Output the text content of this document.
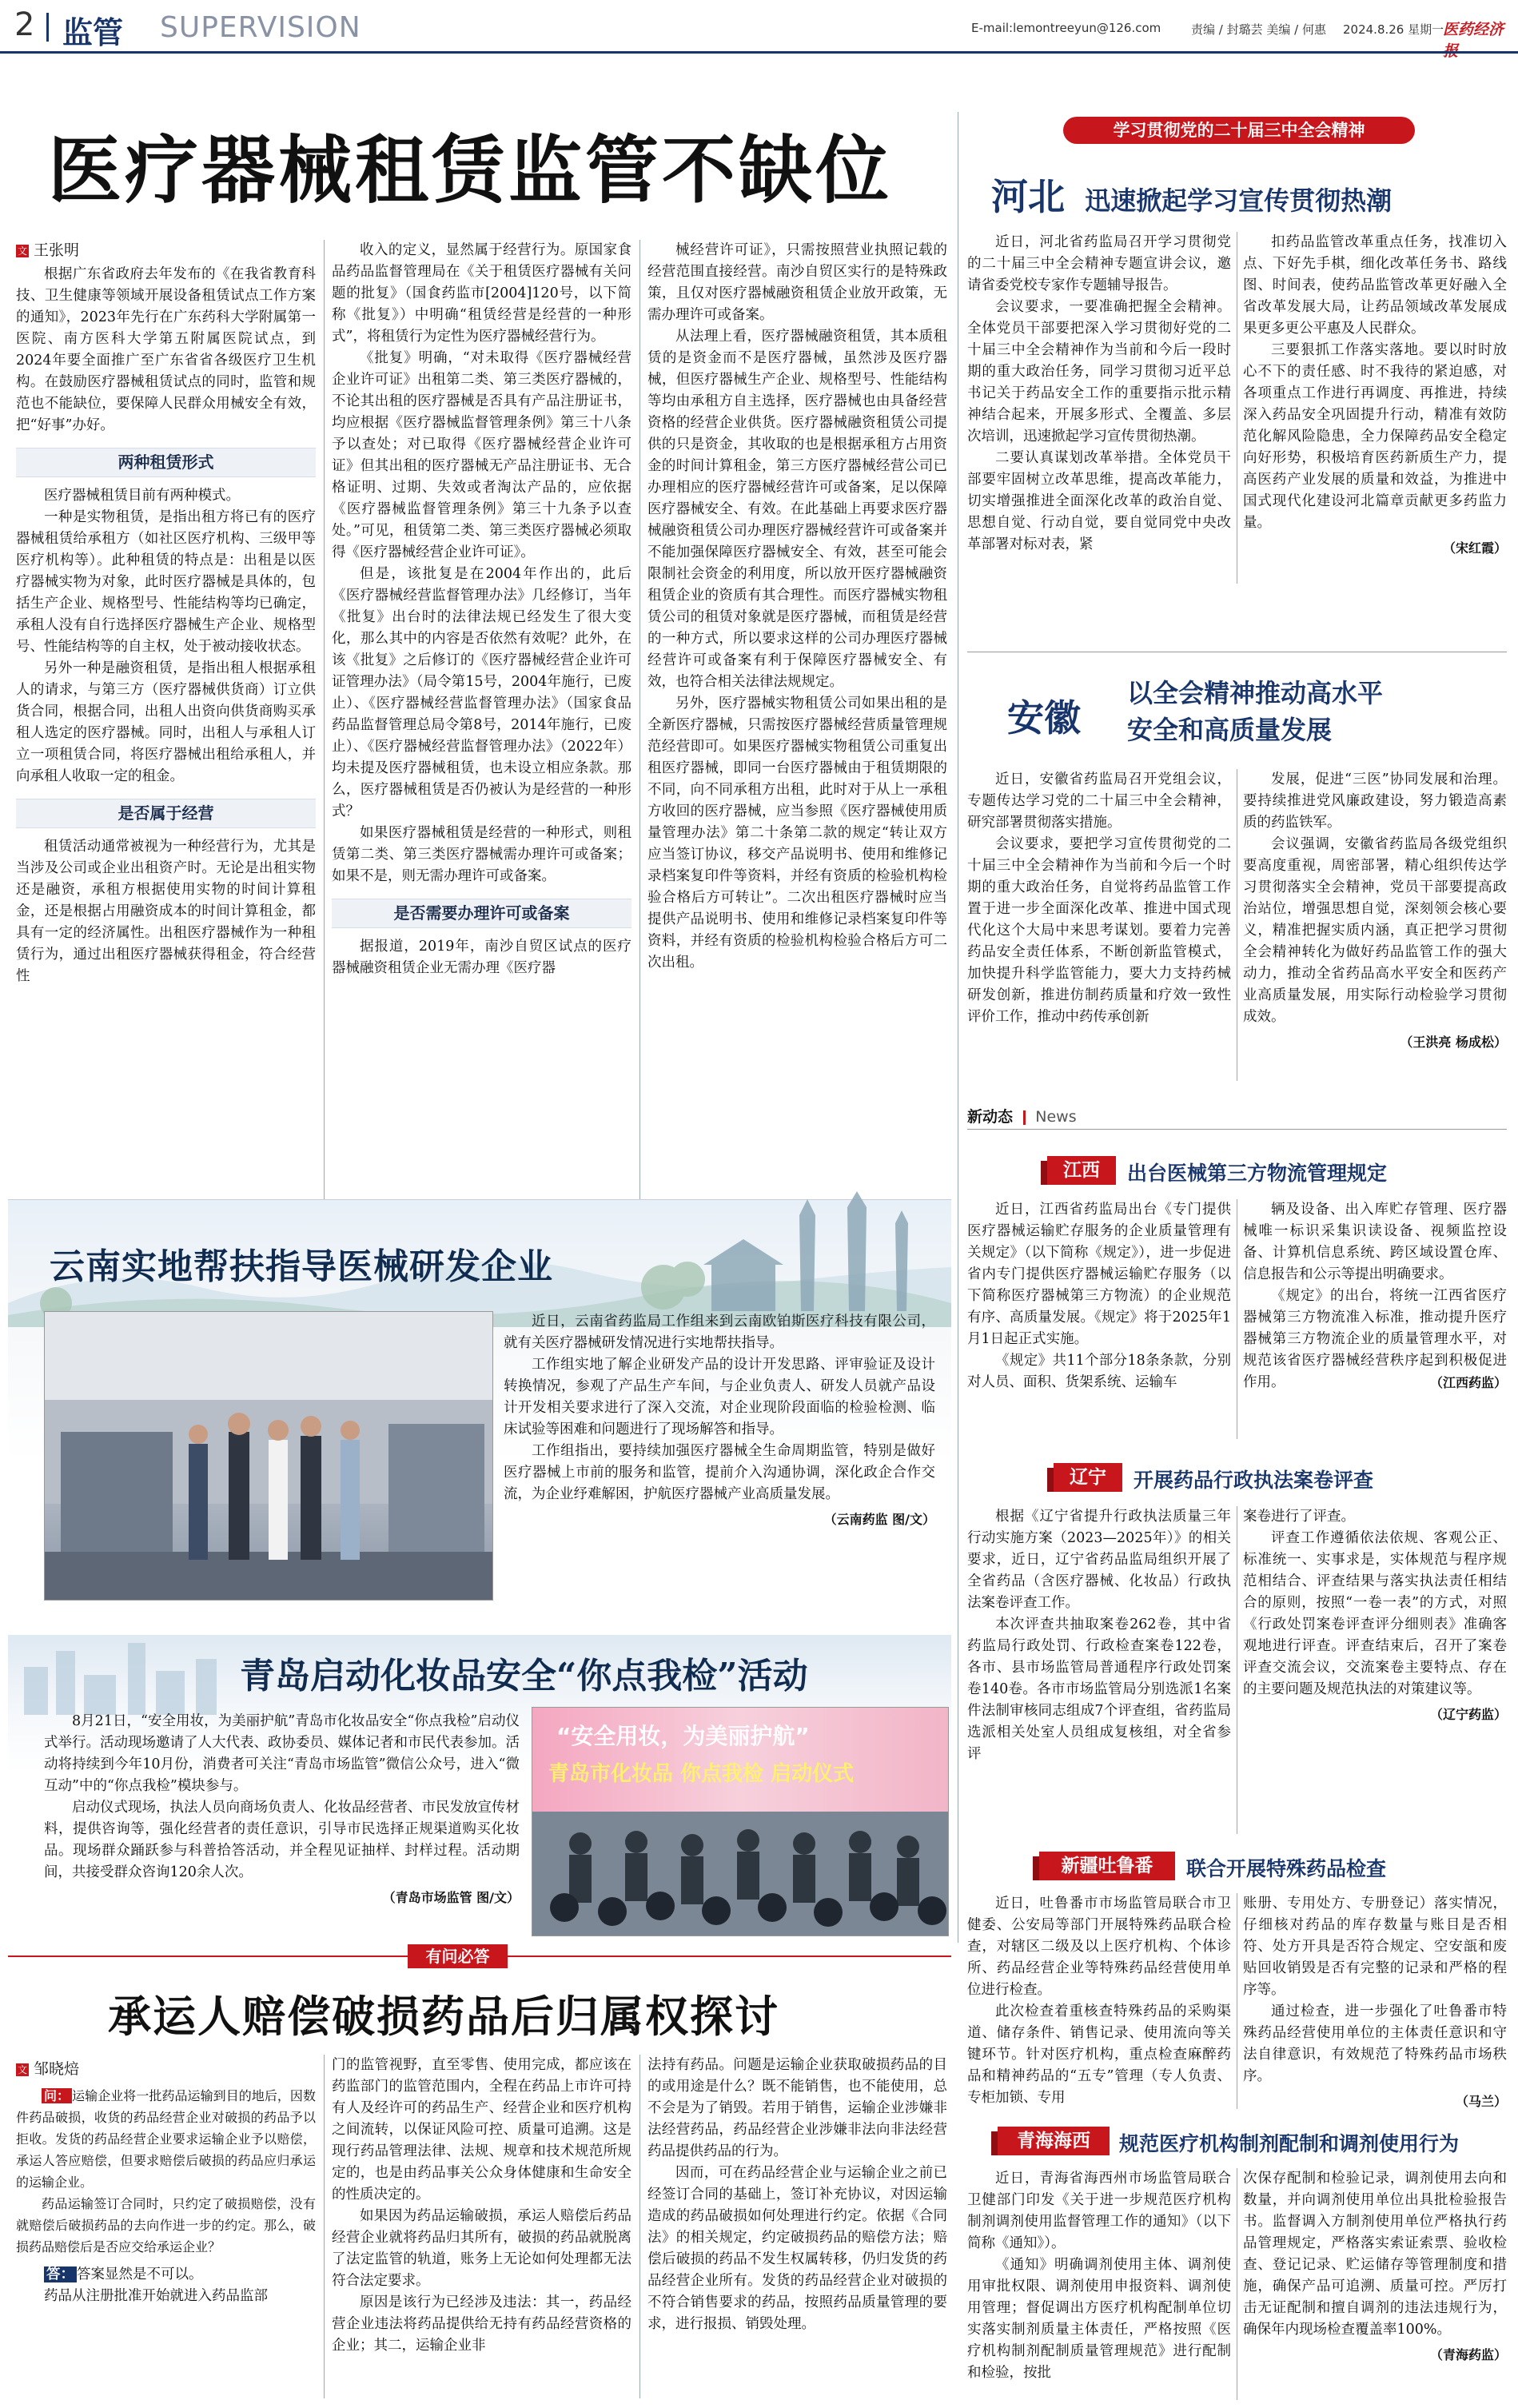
2 监管 SUPERVISION	E-mail:lemontreeyun@126.com	责编 / 封璐芸 美编 / 何惠 2024.8.26 星期一
医药经济
医疗器械租赁监管不缺位
文 王张明

根据广东省政府去年发布的《在我省教育科技、卫生健康等领域开展设备租赁试点工作方案的通知》，2023年先行在广东药科大学附属第一医院、南方医科大学第五附属医院试点，到2024年要全面推广至广东省省各级医疗卫生机构。在鼓励医疗器械租赁试点的同时，监管和规范也不能缺位，要保障人民群众用械安全有效，把“好事”办好。

两种租赁形式

医疗器械租赁目前有两种模式。

一种是实物租赁，是指出租方将已有的医疗器械租赁给承租方（如社区医疗机构、三级甲等医疗机构等）。此种租赁的特点是：出租是以医疗器械实物为对象，此时医疗器械是具体的，包括生产企业、规格型号、性能结构等均已确定，承租人没有自行选择医疗器械生产企业、规格型号、性能结构等的自主权，处于被动接收状态。

另外一种是融资租赁，是指出租人根据承租人的请求，与第三方（医疗器械供货商）订立供货合同，根据合同，出租人出资向供货商购买承租人选定的医疗器械。同时，出租人与承租人订立一项租赁合同，将医疗器械出租给承租人，并向承租人收取一定的租金。

是否属于经营

租赁活动通常被视为一种经营行为，尤其是当涉及公司或企业出租资产时。无论是出租实物还是融资，承租方根据使用实物的时间计算租金，还是根据占用融资成本的时间计算租金，都具有一定的经济属性。出租医疗器械作为一种租赁行为，通过出租医疗器械获得租金，符合经营性

收入的定义，显然属于经营行为。原国家食品药品监督管理局在《关于租赁医疗器械有关问题的批复》（国食药监市[2004]120号，以下简称《批复》）中明确“租赁经营是经营的一种形式”，将租赁行为定性为医疗器械经营行为。

《批复》明确，“对未取得《医疗器械经营企业许可证》出租第二类、第三类医疗器械的，不论其出租的医疗器械是否具有产品注册证书，均应根据《医疗器械监督管理条例》第三十八条予以查处；对已取得《医疗器械经营企业许可证》但其出租的医疗器械无产品注册证书、无合格证明、过期、失效或者淘汰产品的，应依据《医疗器械监督管理条例》第三十九条予以查处。”可见，租赁第二类、第三类医疗器械必须取得《医疗器械经营企业许可证》。

但是，该批复是在2004年作出的，此后《医疗器械经营监督管理办法》几经修订，当年《批复》出台时的法律法规已经发生了很大变化，那么其中的内容是否依然有效呢？此外，在该《批复》之后修订的《医疗器械经营企业许可证管理办法》（局令第15号，2004年施行，已废止）、《医疗器械经营监督管理办法》（国家食品药品监督管理总局令第8号，2014年施行，已废止）、《医疗器械经营监督管理办法》（2022年）均未提及医疗器械租赁，也未设立相应条款。那么，医疗器械租赁是否仍被认为是经营的一种形式？

如果医疗器械租赁是经营的一种形式，则租赁第二类、第三类医疗器械需办理许可或备案；如果不是，则无需办理许可或备案。

是否需要办理许可或备案

据报道，2019年，南沙自贸区试点的医疗器械融资租赁企业无需办理《医疗器

械经营许可证》，只需按照营业执照记载的经营范围直接经营。南沙自贸区实行的是特殊政策，且仅对医疗器械融资租赁企业放开政策，无需办理许可或备案。

从法理上看，医疗器械融资租赁，其本质租赁的是资金而不是医疗器械，虽然涉及医疗器械，但医疗器械生产企业、规格型号、性能结构等均由承租方自主选择，医疗器械也由具备经营资格的经营企业供货。医疗器械融资租赁公司提供的只是资金，其收取的也是根据承租方占用资金的时间计算租金，第三方医疗器械经营公司已办理相应的医疗器械经营许可或备案，足以保障医疗器械安全、有效。在此基础上再要求医疗器械融资租赁公司办理医疗器械经营许可或备案并不能加强保障医疗器械安全、有效，甚至可能会限制社会资金的利用度，所以放开医疗器械融资租赁企业的资质有其合理性。而医疗器械实物租赁公司的租赁对象就是医疗器械，而租赁是经营的一种方式，所以要求这样的公司办理医疗器械经营许可或备案有利于保障医疗器械安全、有效，也符合相关法律法规规定。

另外，医疗器械实物租赁公司如果出租的是全新医疗器械，只需按医疗器械经营质量管理规范经营即可。如果医疗器械实物租赁公司重复出租医疗器械，即同一台医疗器械由于租赁期限的不同，向不同承租方出租，此时对于从上一承租方收回的医疗器械，应当参照《医疗器械使用质量管理办法》第二十条第二款的规定“转让双方应当签订协议，移交产品说明书、使用和维修记录档案复印件等资料，并经有资质的检验机构检验合格后方可转让”。二次出租医疗器械时应当提供产品说明书、使用和维修记录档案复印件等资料，并经有资质的检验机构检验合格后方可二次出租。

学习贯彻党的二十届三中全会精神
河北 迅速掀起学习宣传贯彻热潮

近日，河北省药监局召开学习贯彻党的二十届三中全会精神专题宣讲会议，邀请省委党校专家作专题辅导报告。

会议要求，一要准确把握全会精神。全体党员干部要把深入学习贯彻好党的二十届三中全会精神作为当前和今后一段时期的重大政治任务，同学习贯彻习近平总书记关于药品安全工作的重要指示批示精神结合起来，开展多形式、全覆盖、多层次培训，迅速掀起学习宣传贯彻热潮。

二要认真谋划改革举措。全体党员干部要牢固树立改革思维，提高改革能力，切实增强推进全面深化改革的政治自觉、思想自觉、行动自觉，要自觉同党中央改革部署对标对表，紧

扣药品监管改革重点任务，找准切入点、下好先手棋，细化改革任务书、路线图、时间表，使药品监管改革更好融入全省改革发展大局，让药品领域改革发展成果更多更公平惠及人民群众。

三要狠抓工作落实落地。要以时时放心不下的责任感、时不我待的紧迫感，对各项重点工作进行再调度、再推进，持续深入药品安全巩固提升行动，精准有效防范化解风险隐患，全力保障药品安全稳定向好形势，积极培育医药新质生产力，提高医药产业发展的质量和效益，为推进中国式现代化建设河北篇章贡献更多药监力量。

（宋红霞）
安徽
以全会精神推动高水平
安全和高质量发展

近日，安徽省药监局召开党组会议，专题传达学习党的二十届三中全会精神，研究部署贯彻落实措施。

会议要求，要把学习宣传贯彻党的二十届三中全会精神作为当前和今后一个时期的重大政治任务，自觉将药品监管工作置于进一步全面深化改革、推进中国式现代化这个大局中来思考谋划。要着力完善药品安全责任体系，不断创新监管模式，加快提升科学监管能力，要大力支持药械研发创新，推进仿制药质量和疗效一致性评价工作，推动中药传承创新

发展，促进“三医”协同发展和治理。要持续推进党风廉政建设，努力锻造高素质的药监铁军。

会议强调，安徽省药监局各级党组织要高度重视，周密部署，精心组织传达学习贯彻落实全会精神，党员干部要提高政治站位，增强思想自觉，深刻领会核心要义，精准把握实质内涵，真正把学习贯彻全会精神转化为做好药品监管工作的强大动力，推动全省药品高水平安全和医药产业高质量发展，用实际行动检验学习贯彻成效。

（王洪亮 杨成松）
新动态 News
江西	出台医械第三方物流管理规定

近日，江西省药监局出台《专门提供医疗器械运输贮存服务的企业质量管理有关规定》（以下简称《规定》），进一步促进省内专门提供医疗器械运输贮存服务（以下简称医疗器械第三方物流）的企业规范有序、高质量发展。《规定》将于2025年1月1日起正式实施。

《规定》共11个部分18条条款，分别对人员、面积、货架系统、运输车

辆及设备、出入库贮存管理、医疗器械唯一标识采集识读设备、视频监控设备、计算机信息系统、跨区域设置仓库、信息报告和公示等提出明确要求。

《规定》的出台，将统一江西省医疗器械第三方物流准入标准，推动提升医疗器械第三方物流企业的质量管理水平，对规范该省医疗器械经营秩序起到积极促进作用。	（江西药监）
辽宁	开展药品行政执法案卷评查

根据《辽宁省提升行政执法质量三年行动实施方案（2023—2025年）》的相关要求，近日，辽宁省药品监局组织开展了全省药品（含医疗器械、化妆品）行政执法案卷评查工作。

本次评查共抽取案卷262卷，其中省药监局行政处罚、行政检查案卷122卷，各市、县市场监管局普通程序行政处罚案卷140卷。各市市场监管局分别选派1名案件法制审核同志组成7个评查组，省药监局选派相关处室人员组成复核组，对全省参评

案卷进行了评查。

评查工作遵循依法依规、客观公正、标准统一、实事求是，实体规范与程序规范相结合、评查结果与落实执法责任相结合的原则，按照“一卷一表”的方式，对照《行政处罚案卷评查评分细则表》准确客观地进行评查。评查结束后，召开了案卷评查交流会议，交流案卷主要特点、存在的主要问题及规范执法的对策建议等。

（辽宁药监）
新疆吐鲁番	联合开展特殊药品检查

近日，吐鲁番市市场监管局联合市卫健委、公安局等部门开展特殊药品联合检查，对辖区二级及以上医疗机构、个体诊所、药品经营企业等特殊药品经营使用单位进行检查。

此次检查着重核查特殊药品的采购渠道、储存条件、销售记录、使用流向等关键环节。针对医疗机构，重点检查麻醉药品和精神药品的“五专”管理（专人负责、专柜加锁、专用

账册、专用处方、专册登记）落实情况，仔细核对药品的库存数量与账目是否相符、处方开具是否符合规定、空安瓿和废贴回收销毁是否有完整的记录和严格的程序等。

通过检查，进一步强化了吐鲁番市特殊药品经营使用单位的主体责任意识和守法自律意识，有效规范了特殊药品市场秩序。

（马兰）
青海海西	规范医疗机构制剂配制和调剂使用行为

近日，青海省海西州市场监管局联合卫健部门印发《关于进一步规范医疗机构制剂调剂使用监督管理工作的通知》（以下简称《通知》）。

《通知》明确调剂使用主体、调剂使用审批权限、调剂使用申报资料、调剂使用管理；督促调出方医疗机构配制单位切实落实制剂质量主体责任，严格按照《医疗机构制剂配制质量管理规范》进行配制和检验，按批

次保存配制和检验记录，调剂使用去向和数量，并向调剂使用单位出具批检验报告书。监督调入方制剂使用单位严格执行药品管理规定，严格落实索证索票、验收检查、登记记录、贮运储存等管理制度和措施，确保产品可追溯、质量可控。严厉打击无证配制和擅自调剂的违法违规行为，确保年内现场检查覆盖率100%。

（青海药监）
云南实地帮扶指导医械研发企业

近日，云南省药监局工作组来到云南欧铂斯医疗科技有限公司，就有关医疗器械研发情况进行实地帮扶指导。

工作组实地了解企业研发产品的设计开发思路、评审验证及设计转换情况，参观了产品生产车间，与企业负责人、研发人员就产品设计开发相关要求进行了深入交流，对企业现阶段面临的检验检测、临床试验等困难和问题进行了现场解答和指导。

工作组指出，要持续加强医疗器械全生命周期监管，特别是做好医疗器械上市前的服务和监管，提前介入沟通协调，深化政企合作交流，为企业纾难解困，护航医疗器械产业高质量发展。

（云南药监 图/文）
青岛启动化妆品安全“你点我检”活动

8月21日，“安全用妆，为美丽护航”青岛市化妆品安全“你点我检”启动仪式举行。活动现场邀请了人大代表、政协委员、媒体记者和市民代表参加。活动将持续到今年10月份，消费者可关注“青岛市场监管”微信公众号，进入“微互动”中的“你点我检”模块参与。

启动仪式现场，执法人员向商场负责人、化妆品经营者、市民发放宣传材料，提供咨询等，强化经营者的责任意识，引导市民选择正规渠道购买化妆品。现场群众踊跃参与科普拾答活动，并全程见证抽样、封样过程。活动期间，共接受群众咨询120余人次。

（青岛市场监管 图/文）
“安全用妆，为美丽护航”
青岛市化妆品 你点我检 启动仪式
有问必答
承运人赔偿破损药品后归属权探讨
文 邹晓焙

问： 运输企业将一批药品运输到目的地后，因数件药品破损，收货的药品经营企业对破损的药品予以拒收。发货的药品经营企业要求运输企业予以赔偿，承运人答应赔偿，但要求赔偿后破损的药品应归承运的运输企业。

药品运输签订合同时，只约定了破损赔偿，没有就赔偿后破损药品的去向作进一步的约定。那么，破损药品赔偿后是否应交给承运企业？

答： 答案显然是不可以。

药品从注册批准开始就进入药品监部

门的监管视野，直至零售、使用完成，都应该在药监部门的监管范围内，全程在药品上市许可持有人及经许可的药品生产、经营企业和医疗机构之间流转，以保证风险可控、质量可追溯。这是现行药品管理法律、法规、规章和技术规范所规定的，也是由药品事关公众身体健康和生命安全的性质决定的。

如果因为药品运输破损，承运人赔偿后药品经营企业就将药品归其所有，破损的药品就脱离了法定监管的轨道，账务上无论如何处理都无法符合法定要求。

原因是该行为已经涉及违法：其一，药品经营企业违法将药品提供给无持有药品经营资格的企业；其二，运输企业非

法持有药品。问题是运输企业获取破损药品的目的或用途是什么？既不能销售，也不能使用，总不会是为了销毁。若用于销售，运输企业涉嫌非法经营药品，药品经营企业涉嫌非法向非法经营药品提供药品的行为。

因而，可在药品经营企业与运输企业之前已经签订合同的基础上，签订补充协议，对因运输造成的药品破损如何处理进行约定。依据《合同法》的相关规定，约定破损药品的赔偿方法；赔偿后破损的药品不发生权属转移，仍归发货的药品经营企业所有。发货的药品经营企业对破损的不符合销售要求的药品，按照药品质量管理的要求，进行报损、销毁处理。
